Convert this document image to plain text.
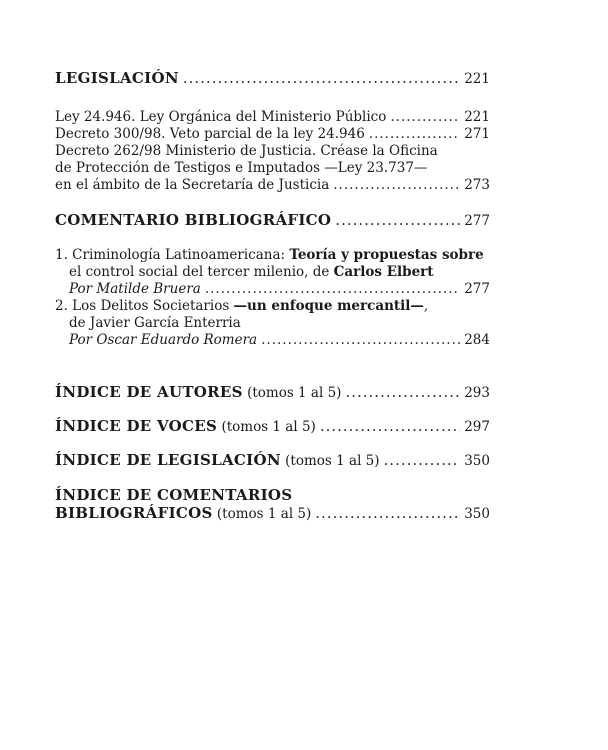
LEGISLACIÓN .....	221
Ley 24.946. Ley Orgánica del Ministerio Público .....	221
Decreto 300/98. Veto parcial de la ley 24.946 .....	271
Decreto 262/98 Ministerio de Justicia. Créase la Oficina
de Protección de Testigos e Imputados —Ley 23.737—
en el ámbito de la Secretaría de Justicia .....	273
COMENTARIO BIBLIOGRÁFICO .....	277
1. Criminología Latinoamericana: Teoría y propuestas sobre
el control social del tercer milenio, de Carlos Elbert
Por Matilde Bruera .....	277
2. Los Delitos Societarios —un enfoque mercantil—,
de Javier García Enterria
Por Oscar Eduardo Romera .....	284
ÍNDICE DE AUTORES (tomos 1 al 5) .....	293
ÍNDICE DE VOCES (tomos 1 al 5) .....	297
ÍNDICE DE LEGISLACIÓN (tomos 1 al 5) .....	350
ÍNDICE DE COMENTARIOS
BIBLIOGRÁFICOS (tomos 1 al 5) .....	350
